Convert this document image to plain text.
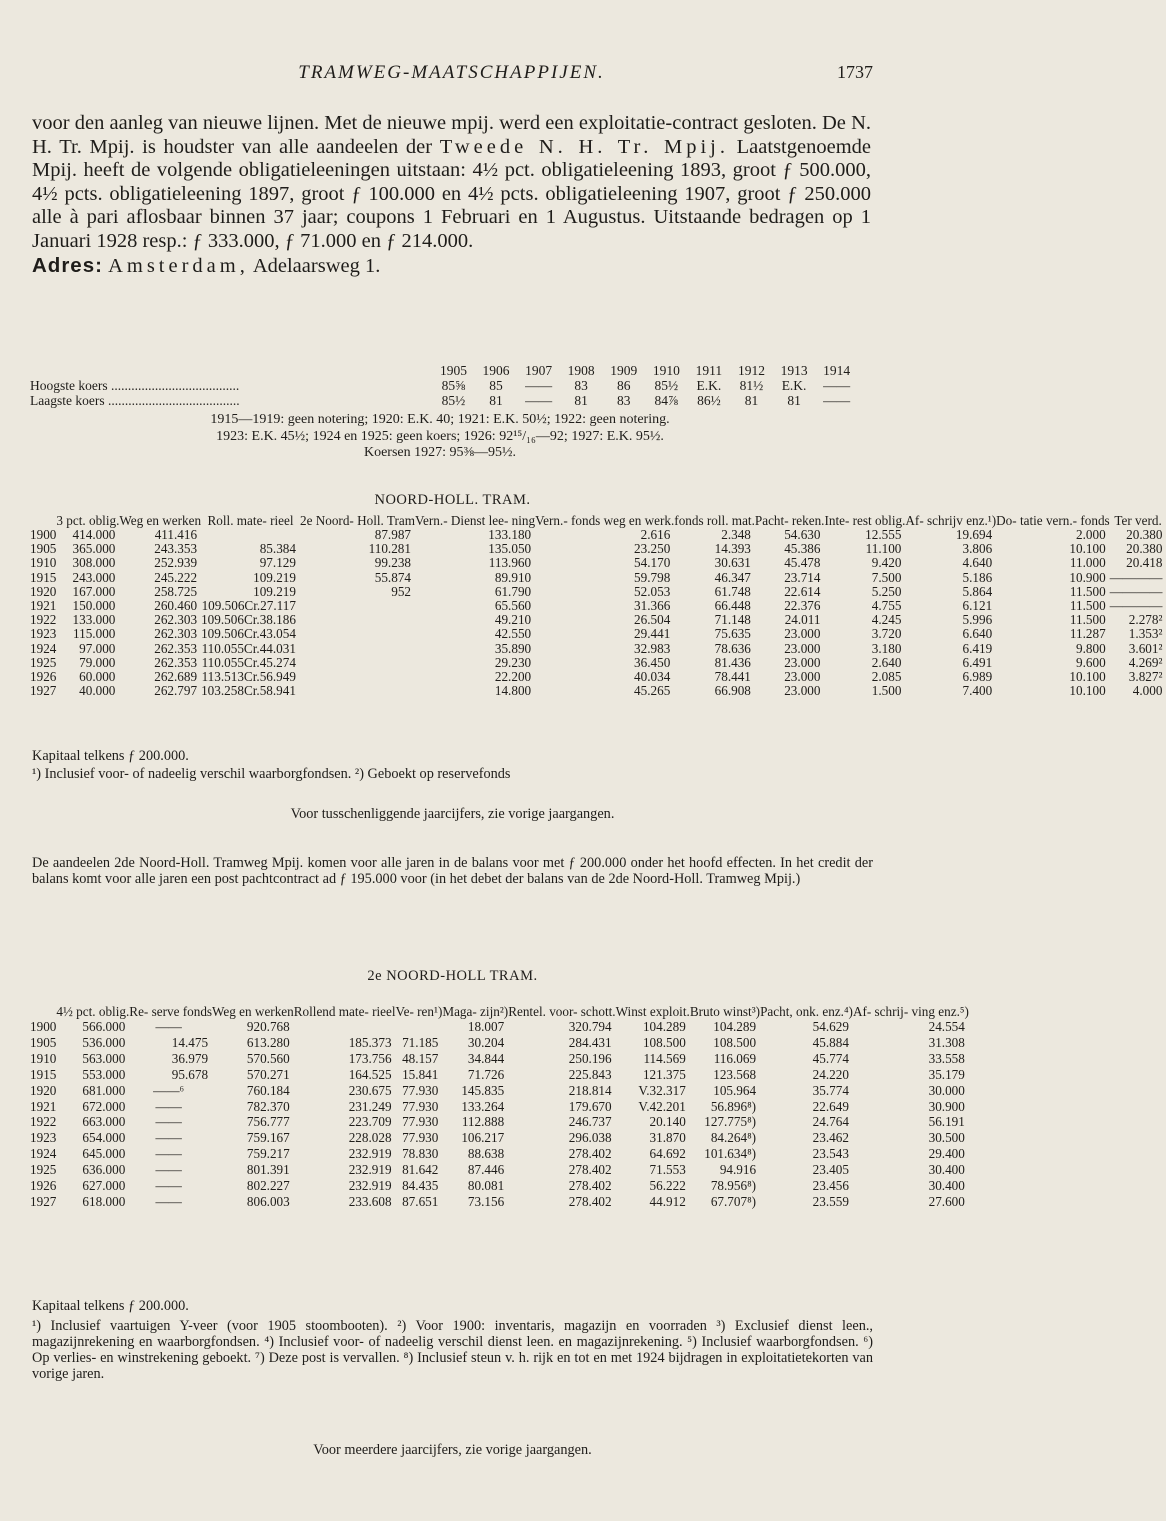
TRAMWEG-MAATSCHAPPIJEN.	1737

voor den aanleg van nieuwe lijnen. Met de nieuwe mpij. werd een exploitatie-contract gesloten. De N. H. Tr. Mpij. is houdster van alle aandeelen der Tweede N. H. Tr. Mpij. Laatstgenoemde Mpij. heeft de volgende obligatieleeningen uitstaan: 4½ pct. obligatieleening 1893, groot ƒ 500.000, 4½ pcts. obligatieleening 1897, groot ƒ 100.000 en 4½ pcts. obligatieleening 1907, groot ƒ 250.000 alle à pari aflosbaar binnen 37 jaar; coupons 1 Februari en 1 Augustus. Uitstaande bedragen op 1 Januari 1928 resp.: ƒ 333.000, ƒ 71.000 en ƒ 214.000.

Adres: Amsterdam, Adelaarsweg 1.

	1905	1906	1907	1908	1909	1910	1911	1912	1913	1914
Hoogste koers ......................................	85⅝	85	——	83	86	85½	E.K.	81½	E.K.	——
Laagste koers .......................................	85½	81	——	81	83	84⅞	86½	81	81	——
1915—1919: geen notering; 1920: E.K. 40; 1921: E.K. 50½; 1922: geen notering.
1923: E.K. 45½; 1924 en 1925: geen koers; 1926: 92¹⁵/₁₆—92; 1927: E.K. 95½.
Koersen 1927: 95⅜—95½.
NOORD-HOLL. TRAM.
	3 pct. oblig.	Weg en werken	Roll. mate- rieel	2e Noord- Holl. Tram	Vern.- Dienst lee- ning	Vern.- fonds weg en werk.	fonds roll. mat.	Pacht- reken.	Inte- rest oblig.	Af- schrijv enz.¹)	Do- tatie vern.- fonds	Ter verd.
1900	414.000	411.416		87.987	133.180	2.616	2.348	54.630	12.555	19.694	2.000	20.380
1905	365.000	243.353	85.384	110.281	135.050	23.250	14.393	45.386	11.100	3.806	10.100	20.380
1910	308.000	252.939	97.129	99.238	113.960	54.170	30.631	45.478	9.420	4.640	11.000	20.418
1915	243.000	245.222	109.219	55.874	89.910	59.798	46.347	23.714	7.500	5.186	10.900	————
1920	167.000	258.725	109.219	952	61.790	52.053	61.748	22.614	5.250	5.864	11.500	————
1921	150.000	260.460	109.506Cr.27.117		65.560	31.366	66.448	22.376	4.755	6.121	11.500	————
1922	133.000	262.303	109.506Cr.38.186		49.210	26.504	71.148	24.011	4.245	5.996	11.500	2.278²
1923	115.000	262.303	109.506Cr.43.054		42.550	29.441	75.635	23.000	3.720	6.640	11.287	1.353²
1924	97.000	262.353	110.055Cr.44.031		35.890	32.983	78.636	23.000	3.180	6.419	9.800	3.601²
1925	79.000	262.353	110.055Cr.45.274		29.230	36.450	81.436	23.000	2.640	6.491	9.600	4.269²
1926	60.000	262.689	113.513Cr.56.949		22.200	40.034	78.441	23.000	2.085	6.989	10.100	3.827²
1927	40.000	262.797	103.258Cr.58.941		14.800	45.265	66.908	23.000	1.500	7.400	10.100	4.000
Kapitaal telkens ƒ 200.000.
¹) Inclusief voor- of nadeelig verschil waarborgfondsen. ²) Geboekt op reservefonds
Voor tusschenliggende jaarcijfers, zie vorige jaargangen.
De aandeelen 2de Noord-Holl. Tramweg Mpij. komen voor alle jaren in de balans voor met ƒ 200.000 onder het hoofd effecten. In het credit der balans komt voor alle jaren een post pachtcontract ad ƒ 195.000 voor (in het debet der balans van de 2de Noord-Holl. Tramweg Mpij.)
2e NOORD-HOLL TRAM.
	4½ pct. oblig.	Re- serve fonds	Weg en werken	Rollend mate- rieel	Ve- ren¹)	Maga- zijn²)	Rentel. voor- schott.	Winst exploit.	Bruto winst³)	Pacht, onk. enz.⁴)	Af- schrij- ving enz.⁵)
1900	566.000	——	920.768			18.007	320.794	104.289	104.289	54.629	24.554
1905	536.000	14.475	613.280	185.373	71.185	30.204	284.431	108.500	108.500	45.884	31.308
1910	563.000	36.979	570.560	173.756	48.157	34.844	250.196	114.569	116.069	45.774	33.558
1915	553.000	95.678	570.271	164.525	15.841	71.726	225.843	121.375	123.568	24.220	35.179
1920	681.000	——⁶	760.184	230.675	77.930	145.835	218.814	V.32.317	105.964	35.774	30.000
1921	672.000	——	782.370	231.249	77.930	133.264	179.670	V.42.201	56.896⁸)	22.649	30.900
1922	663.000	——	756.777	223.709	77.930	112.888	246.737	20.140	127.775⁸)	24.764	56.191
1923	654.000	——	759.167	228.028	77.930	106.217	296.038	31.870	84.264⁸)	23.462	30.500
1924	645.000	——	759.217	232.919	78.830	88.638	278.402	64.692	101.634⁸)	23.543	29.400
1925	636.000	——	801.391	232.919	81.642	87.446	278.402	71.553	94.916	23.405	30.400
1926	627.000	——	802.227	232.919	84.435	80.081	278.402	56.222	78.956⁸)	23.456	30.400
1927	618.000	——	806.003	233.608	87.651	73.156	278.402	44.912	67.707⁸)	23.559	27.600
Kapitaal telkens ƒ 200.000.
¹) Inclusief vaartuigen Y-veer (voor 1905 stoombooten). ²) Voor 1900: inventaris, magazijn en voorraden ³) Exclusief dienst leen., magazijnrekening en waarborgfondsen. ⁴) Inclusief voor- of nadeelig verschil dienst leen. en magazijnrekening. ⁵) Inclusief waarborgfondsen. ⁶) Op verlies- en winstrekening geboekt. ⁷) Deze post is vervallen. ⁸) Inclusief steun v. h. rijk en tot en met 1924 bijdragen in exploitatietekorten van vorige jaren.
Voor meerdere jaarcijfers, zie vorige jaargangen.
